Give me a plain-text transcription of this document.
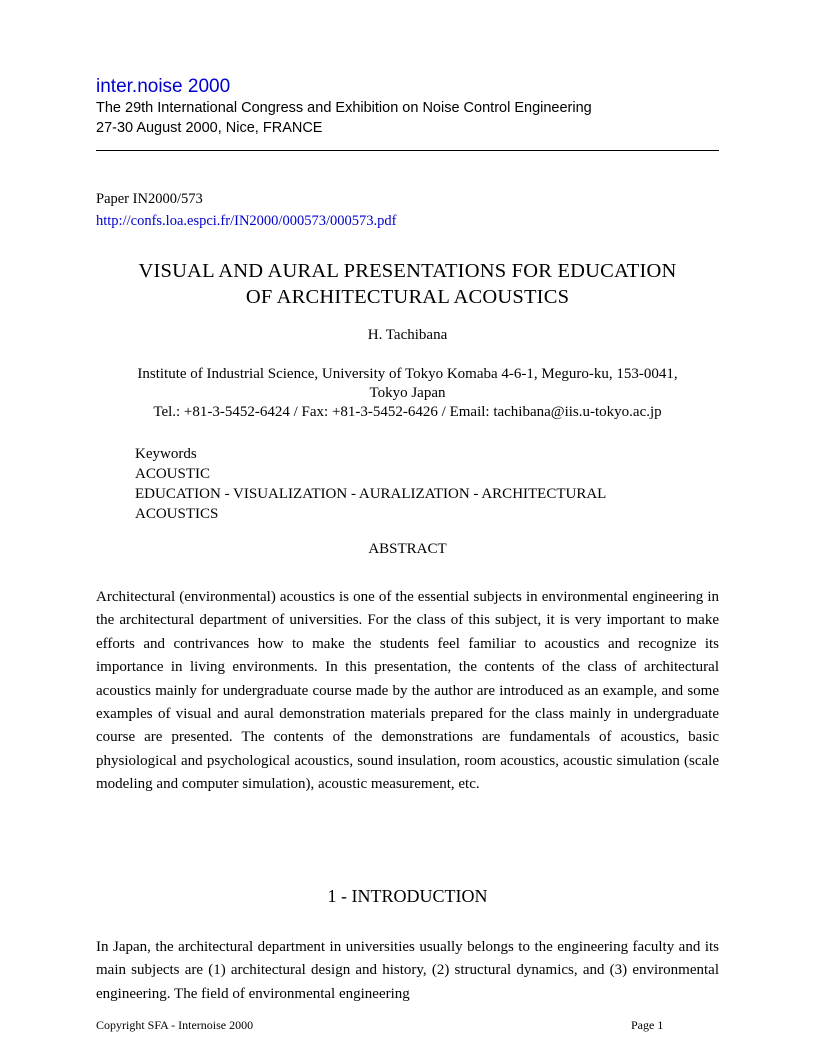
inter.noise 2000
The 29th International Congress and Exhibition on Noise Control Engineering
27-30 August 2000, Nice, FRANCE
Paper IN2000/573
http://confs.loa.espci.fr/IN2000/000573/000573.pdf
VISUAL AND AURAL PRESENTATIONS FOR EDUCATION
OF ARCHITECTURAL ACOUSTICS
H. Tachibana
Institute of Industrial Science, University of Tokyo Komaba 4-6-1, Meguro-ku, 153-0041,
Tokyo Japan
Tel.: +81-3-5452-6424 / Fax: +81-3-5452-6426 / Email: tachibana@iis.u-tokyo.ac.jp
Keywords
ACOUSTIC
EDUCATION - VISUALIZATION - AURALIZATION - ARCHITECTURAL
ACOUSTICS
ABSTRACT

Architectural (environmental) acoustics is one of the essential subjects in environmental engineering in the architectural department of universities. For the class of this subject, it is very important to make efforts and contrivances how to make the students feel familiar to acoustics and recognize its importance in living environments. In this presentation, the contents of the class of architectural acoustics mainly for undergraduate course made by the author are introduced as an example, and some examples of visual and aural demonstration materials prepared for the class mainly in undergraduate course are presented. The contents of the demonstrations are fundamentals of acoustics, basic physiological and psychological acoustics, sound insulation, room acoustics, acoustic simulation (scale modeling and computer simulation), acoustic measurement, etc.

1 - INTRODUCTION

In Japan, the architectural department in universities usually belongs to the engineering faculty and its main subjects are (1) architectural design and history, (2) structural dynamics, and (3) environmental engineering. The field of environmental engineering

Copyright SFA - Internoise 2000	Page 1
